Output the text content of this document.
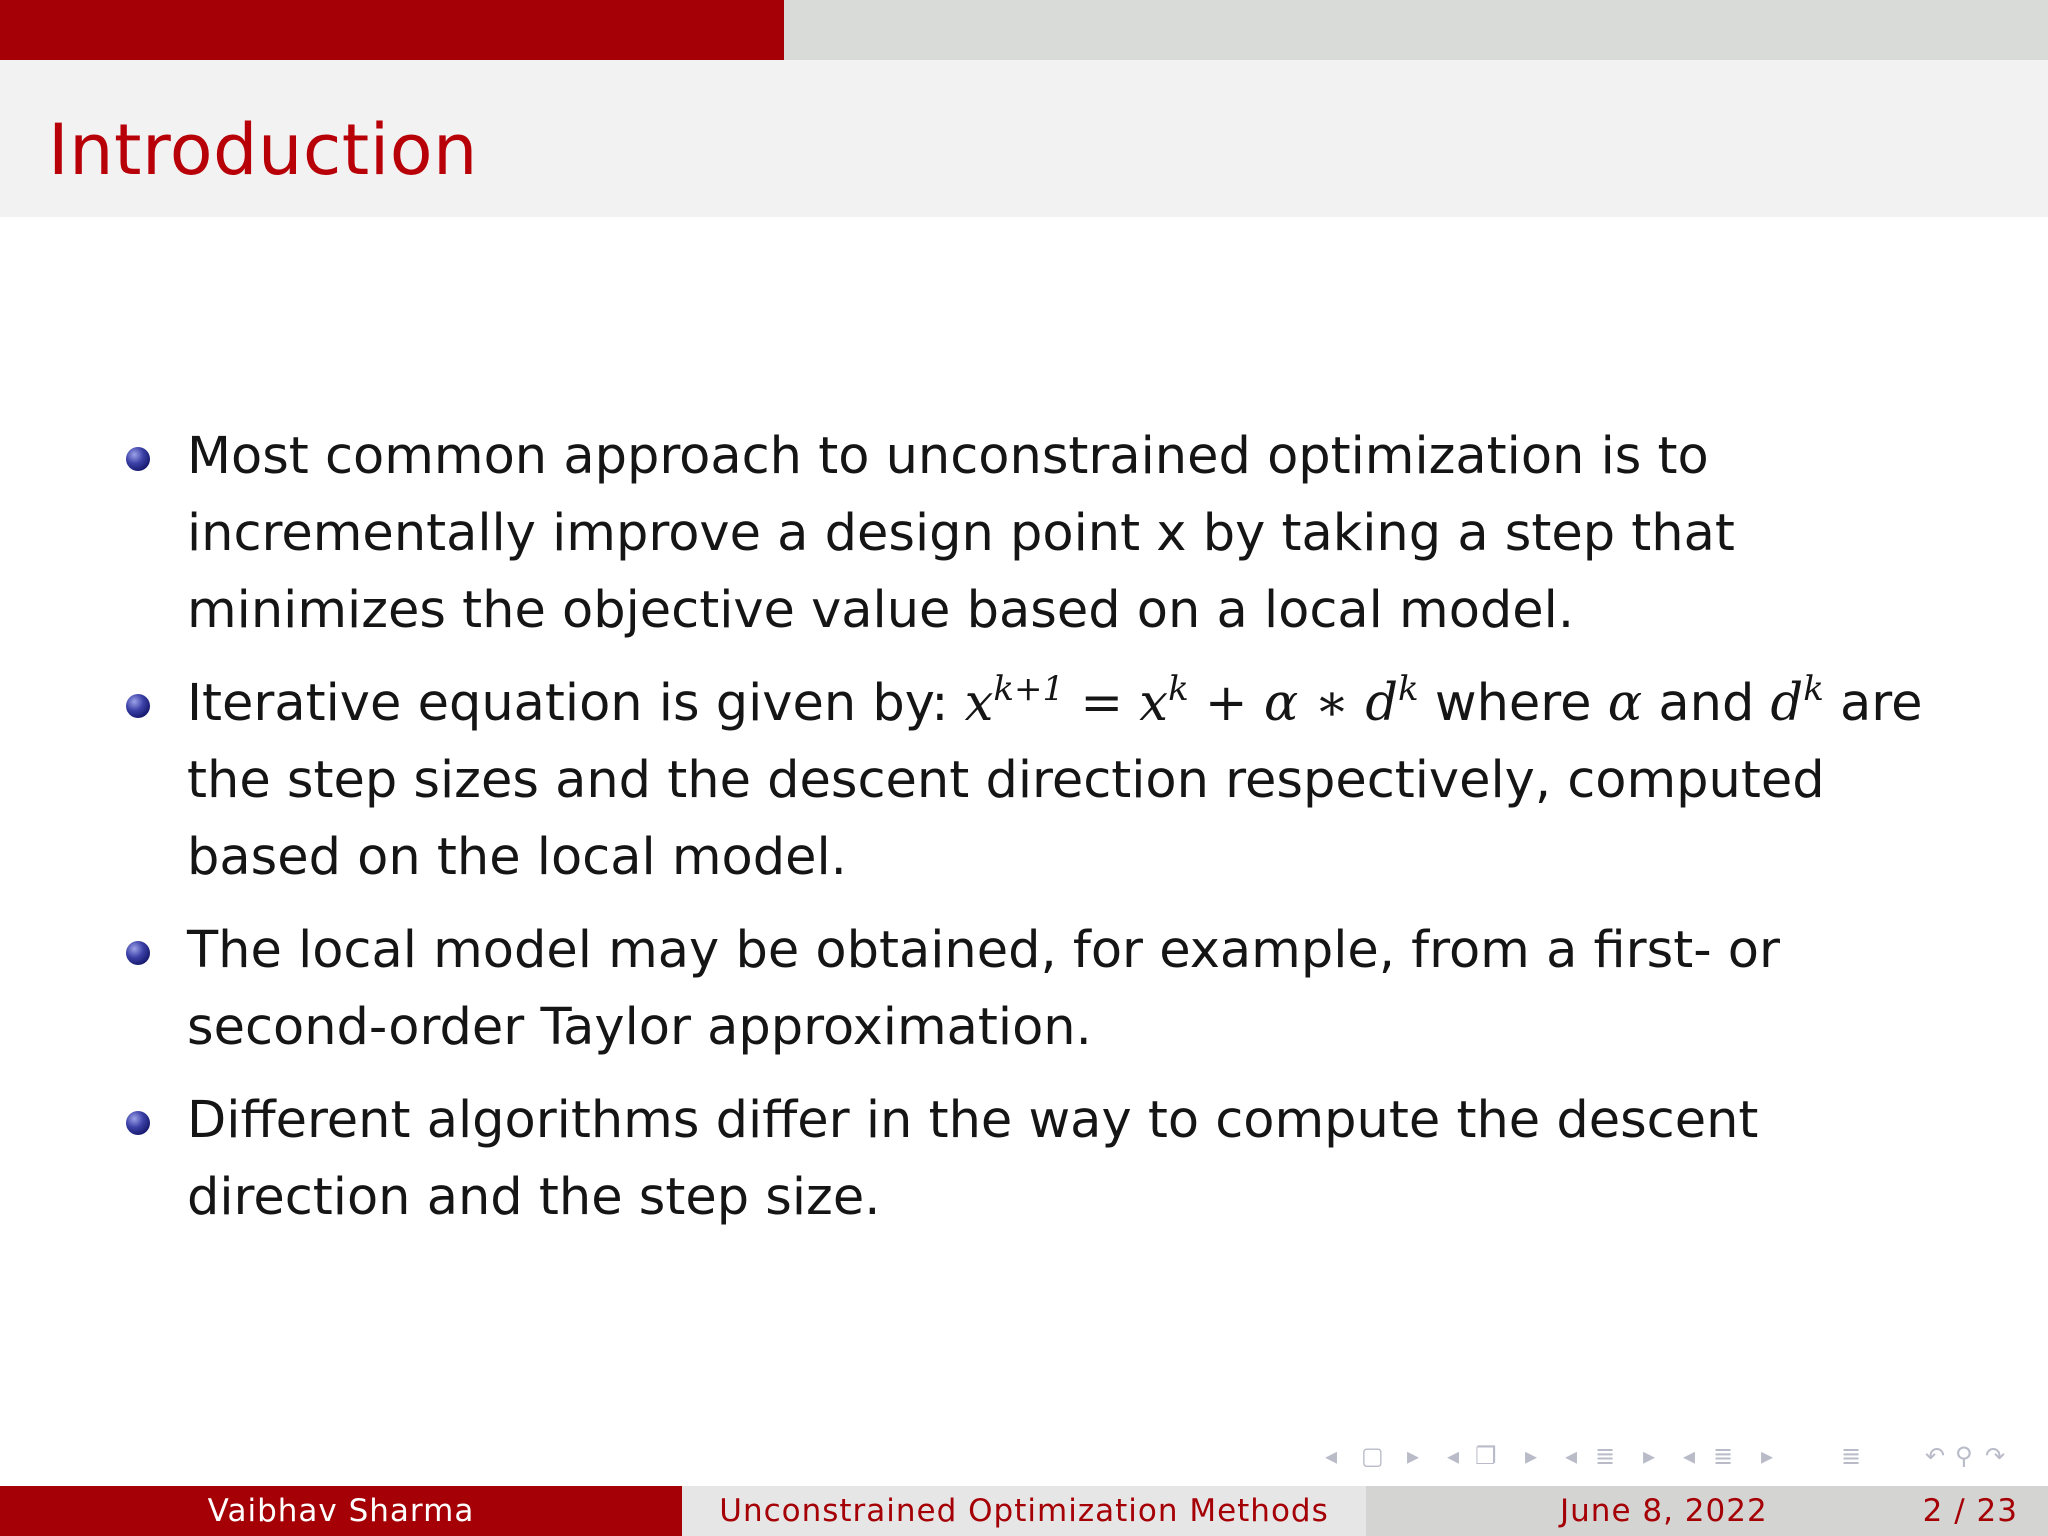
Introduction
Most common approach to unconstrained optimization is to incrementally improve a design point x by taking a step that minimizes the objective value based on a local model.
Iterative equation is given by: $x^{k+1} = x^k + \alpha$ ∗ $d^k$ where α and $d^k$ are the step sizes and the descent direction respectively, computed based on the local model.
The local model may be obtained, for example, from a first- or second-order Taylor approximation.
Different algorithms differ in the way to compute the descent direction and the step size.
◂ ▢ ▸ ◂ ❐ ▸ ◂ ≣ ▸ ◂ ≣ ▸	≣	↶ ⚲ ↷
Vaibhav Sharma	Unconstrained Optimization Methods	June 8, 2022	2 / 23
